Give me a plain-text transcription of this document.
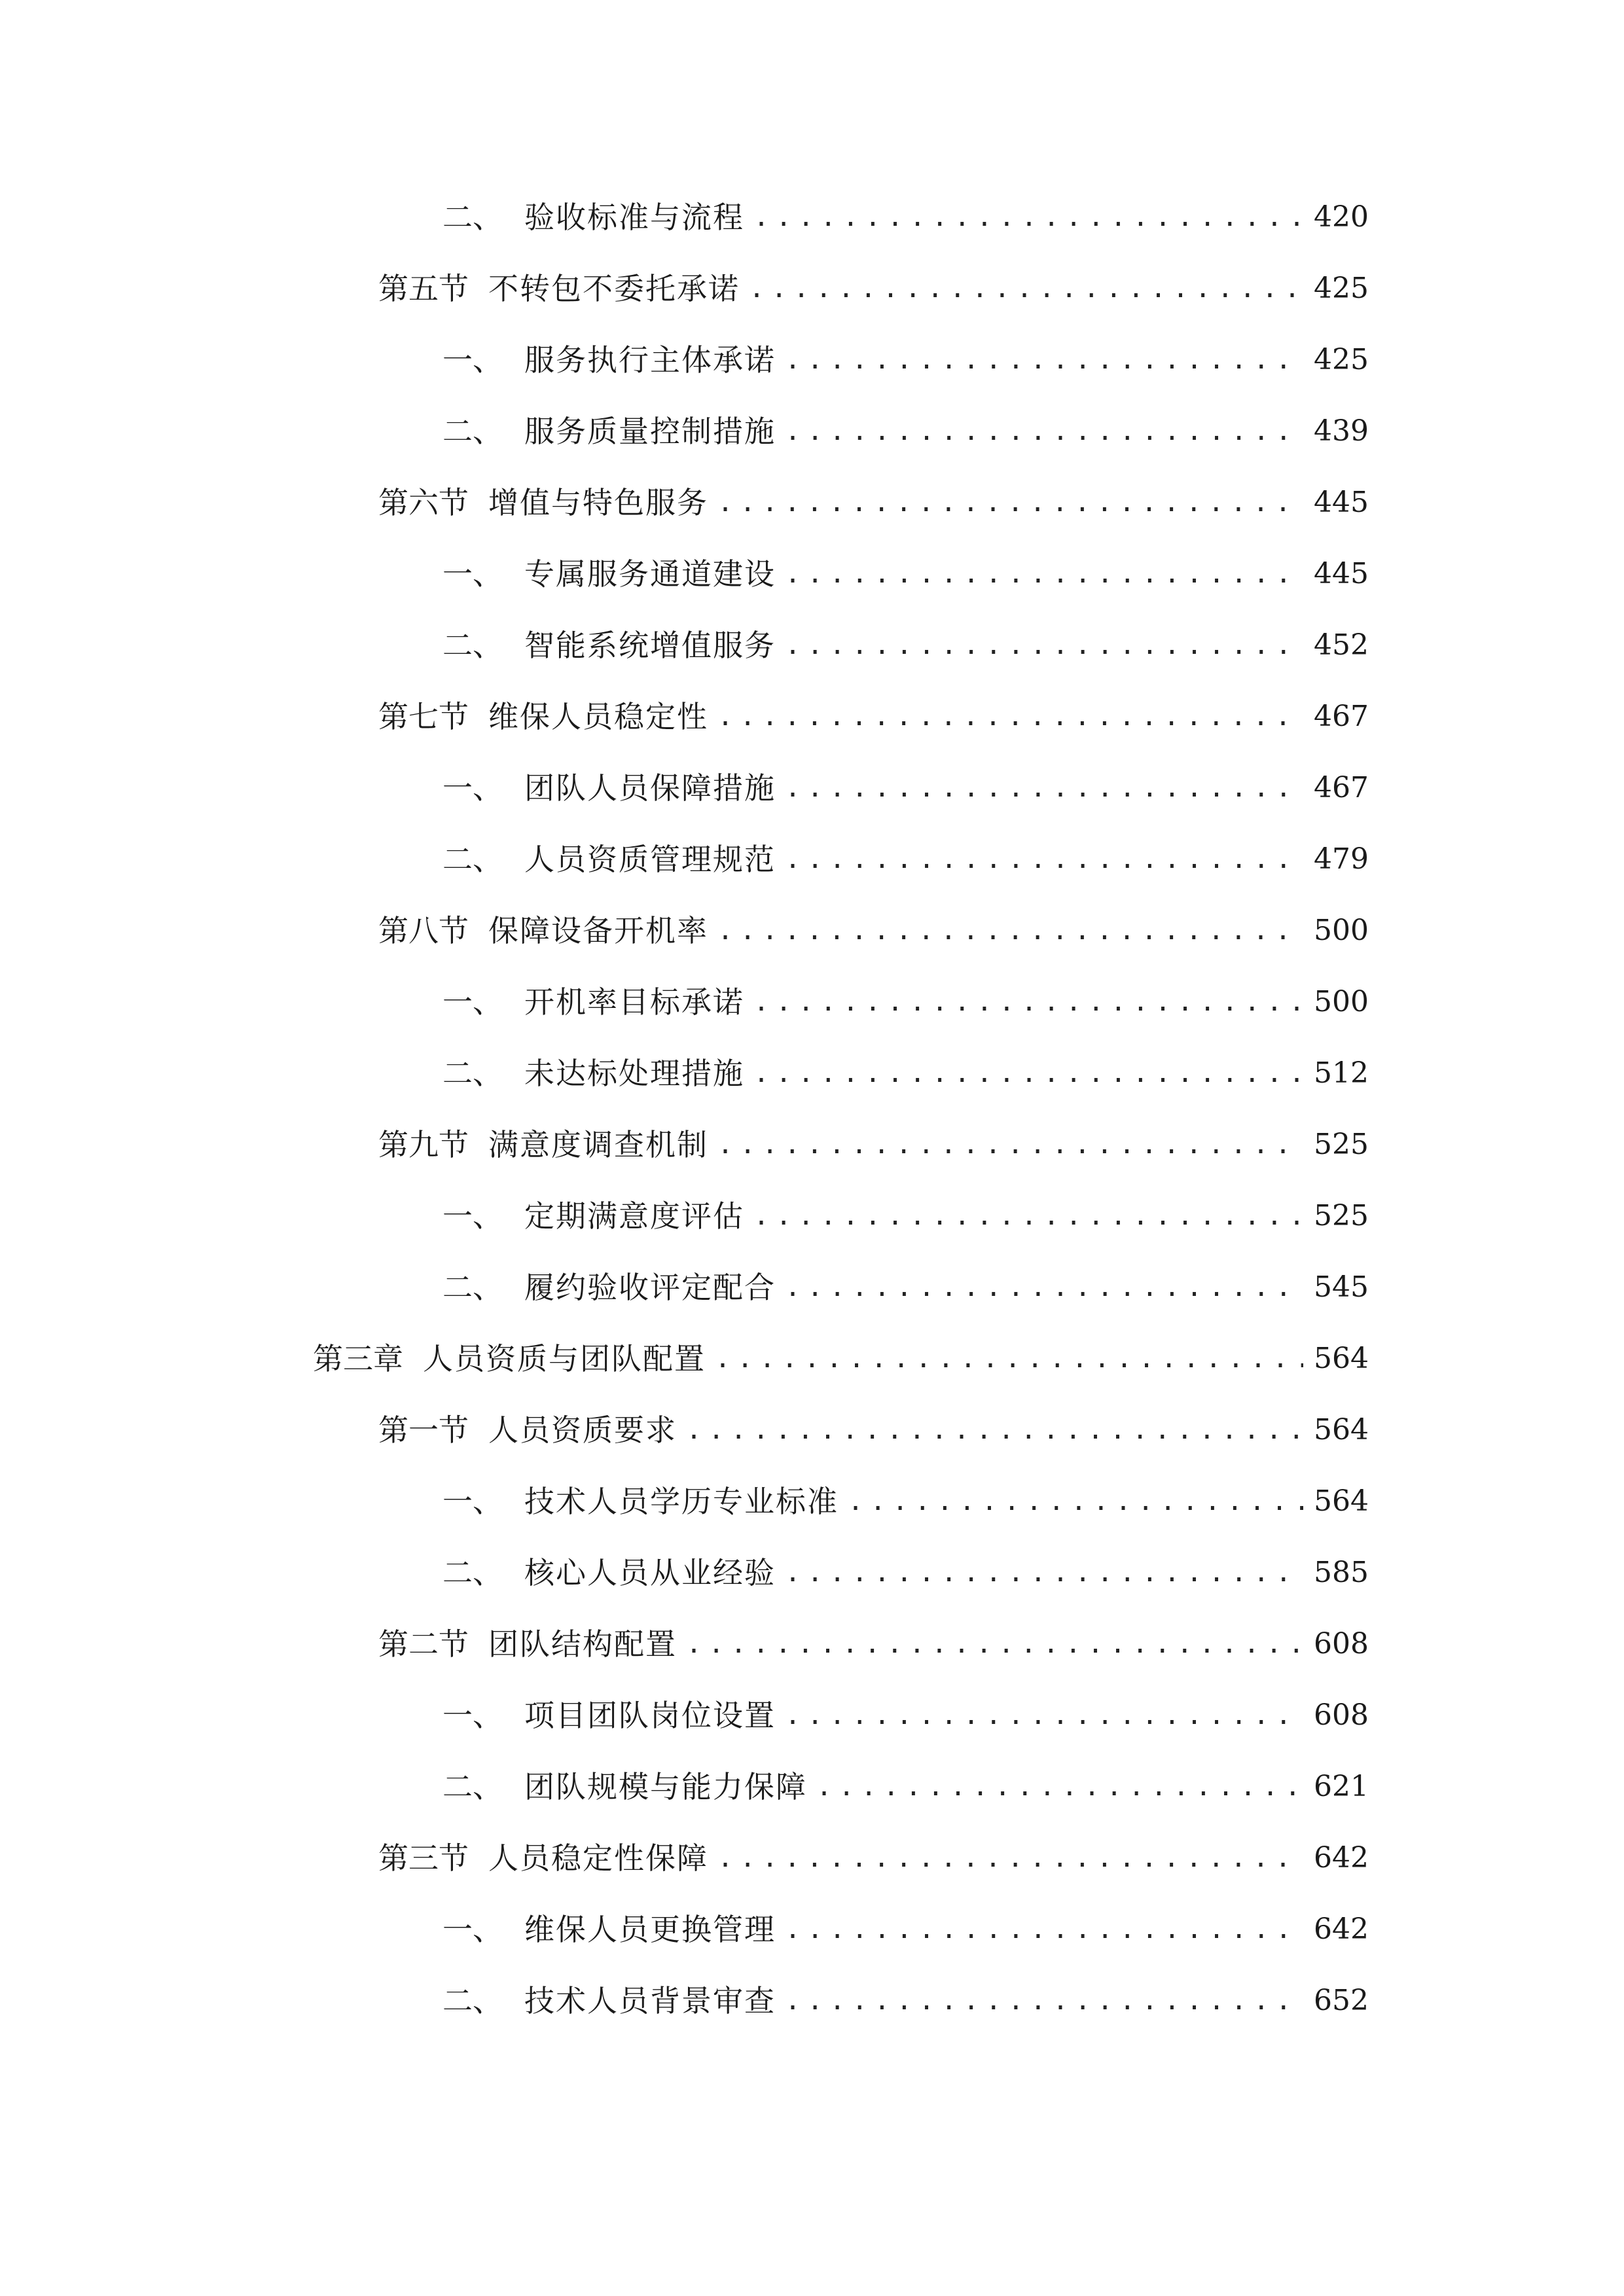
二、 验收标准与流程 .....	420
第五节 不转包不委托承诺 .....	425
一、 服务执行主体承诺 .....	425
二、 服务质量控制措施 .....	439
第六节 增值与特色服务 .....	445
一、 专属服务通道建设 .....	445
二、 智能系统增值服务 .....	452
第七节 维保人员稳定性 .....	467
一、 团队人员保障措施 .....	467
二、 人员资质管理规范 .....	479
第八节 保障设备开机率 .....	500
一、 开机率目标承诺 .....	500
二、 未达标处理措施 .....	512
第九节 满意度调查机制 .....	525
一、 定期满意度评估 .....	525
二、 履约验收评定配合 .....	545
第三章 人员资质与团队配置 .....	564
第一节 人员资质要求 .....	564
一、 技术人员学历专业标准 .....	564
二、 核心人员从业经验 .....	585
第二节 团队结构配置 .....	608
一、 项目团队岗位设置 .....	608
二、 团队规模与能力保障 .....	621
第三节 人员稳定性保障 .....	642
一、 维保人员更换管理 .....	642
二、 技术人员背景审查 .....	652
